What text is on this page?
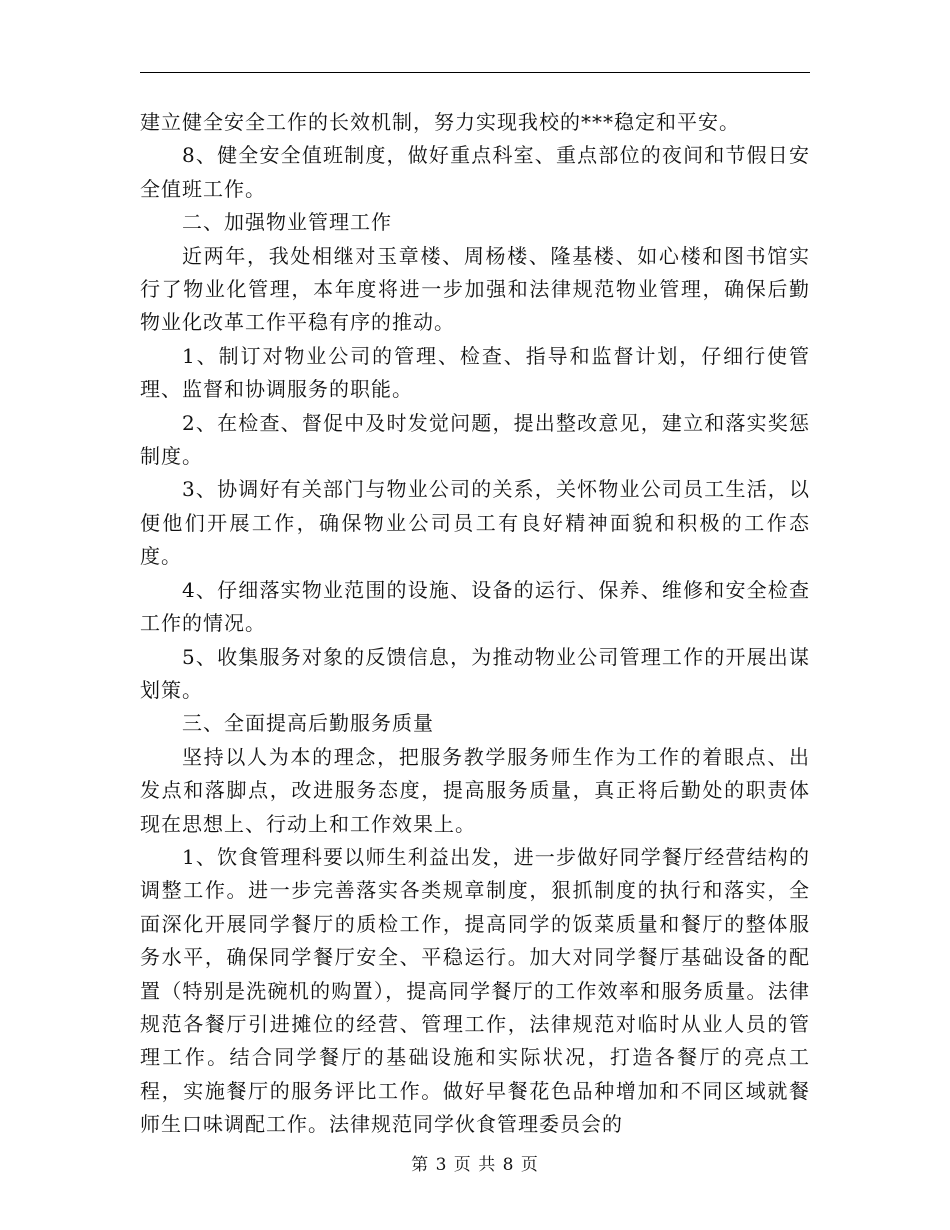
建立健全安全工作的长效机制，努力实现我校的***稳定和平安。

8、健全安全值班制度，做好重点科室、重点部位的夜间和节假日安全值班工作。

二、加强物业管理工作

近两年，我处相继对玉章楼、周杨楼、隆基楼、如心楼和图书馆实行了物业化管理，本年度将进一步加强和法律规范物业管理，确保后勤物业化改革工作平稳有序的推动。

1、制订对物业公司的管理、检查、指导和监督计划，仔细行使管理、监督和协调服务的职能。

2、在检查、督促中及时发觉问题，提出整改意见，建立和落实奖惩制度。

3、协调好有关部门与物业公司的关系，关怀物业公司员工生活，以便他们开展工作，确保物业公司员工有良好精神面貌和积极的工作态度。

4、仔细落实物业范围的设施、设备的运行、保养、维修和安全检查工作的情况。

5、收集服务对象的反馈信息，为推动物业公司管理工作的开展出谋划策。

三、全面提高后勤服务质量

坚持以人为本的理念，把服务教学服务师生作为工作的着眼点、出发点和落脚点，改进服务态度，提高服务质量，真正将后勤处的职责体现在思想上、行动上和工作效果上。

1、饮食管理科要以师生利益出发，进一步做好同学餐厅经营结构的调整工作。进一步完善落实各类规章制度，狠抓制度的执行和落实，全面深化开展同学餐厅的质检工作，提高同学的饭菜质量和餐厅的整体服务水平，确保同学餐厅安全、平稳运行。加大对同学餐厅基础设备的配置（特别是洗碗机的购置），提高同学餐厅的工作效率和服务质量。法律规范各餐厅引进摊位的经营、管理工作，法律规范对临时从业人员的管理工作。结合同学餐厅的基础设施和实际状况，打造各餐厅的亮点工程，实施餐厅的服务评比工作。做好早餐花色品种增加和不同区域就餐师生口味调配工作。法律规范同学伙食管理委员会的

第 3 页 共 8 页
